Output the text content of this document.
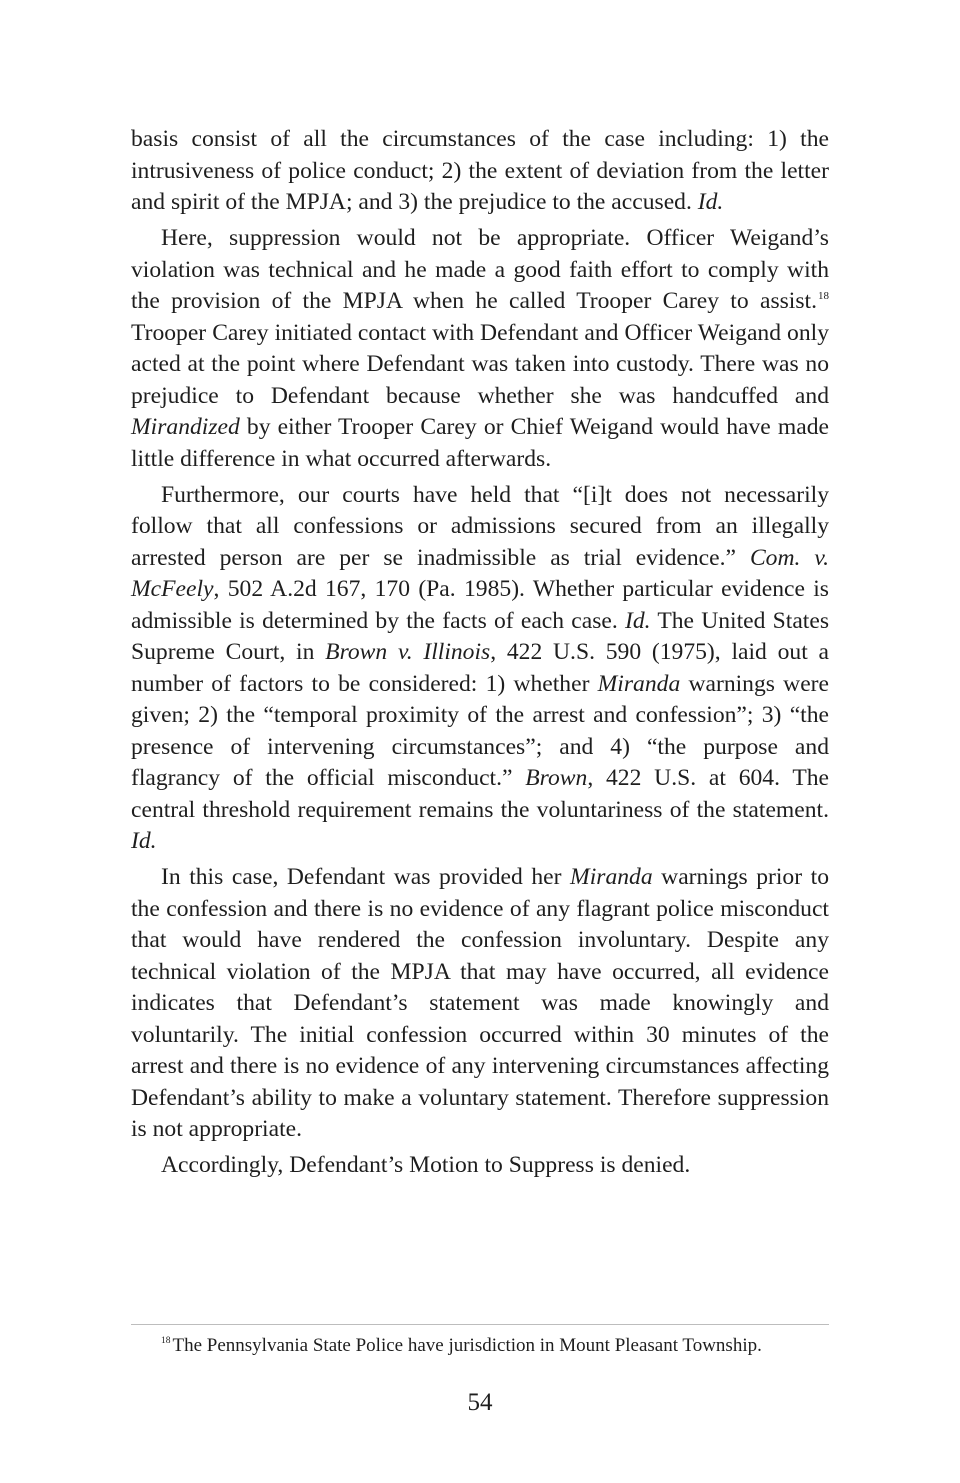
basis consist of all the circumstances of the case including: 1) the intrusiveness of police conduct; 2) the extent of deviation from the letter and spirit of the MPJA; and 3) the prejudice to the accused. Id.

Here, suppression would not be appropriate. Officer Weigand’s violation was technical and he made a good faith effort to comply with the provision of the MPJA when he called Trooper Carey to assist.$^{18}$ Trooper Carey initiated contact with Defendant and Officer Weigand only acted at the point where Defendant was taken into custody. There was no prejudice to Defendant because whether she was handcuffed and Mirandized by either Trooper Carey or Chief Weigand would have made little difference in what occurred afterwards.

Furthermore, our courts have held that “[i]t does not necessarily follow that all confessions or admissions secured from an illegally arrested person are per se inadmissible as trial evidence.” Com. v. McFeely, 502 A.2d 167, 170 (Pa. 1985). Whether particular evidence is admissible is determined by the facts of each case. Id. The United States Supreme Court, in Brown v. Illinois, 422 U.S. 590 (1975), laid out a number of factors to be considered: 1) whether Miranda warnings were given; 2) the “temporal proximity of the arrest and confession”; 3) “the presence of intervening circumstances”; and 4) “the purpose and flagrancy of the official misconduct.” Brown, 422 U.S. at 604. The central threshold requirement remains the voluntariness of the statement. Id.

In this case, Defendant was provided her Miranda warnings prior to the confession and there is no evidence of any flagrant police misconduct that would have rendered the confession involuntary. Despite any technical violation of the MPJA that may have occurred, all evidence indicates that Defendant’s statement was made knowingly and voluntarily. The initial confession occurred within 30 minutes of the arrest and there is no evidence of any intervening circumstances affecting Defendant’s ability to make a voluntary statement. Therefore suppression is not appropriate.

Accordingly, Defendant’s Motion to Suppress is denied.

$^{18}$ The Pennsylvania State Police have jurisdiction in Mount Pleasant Township.
54
